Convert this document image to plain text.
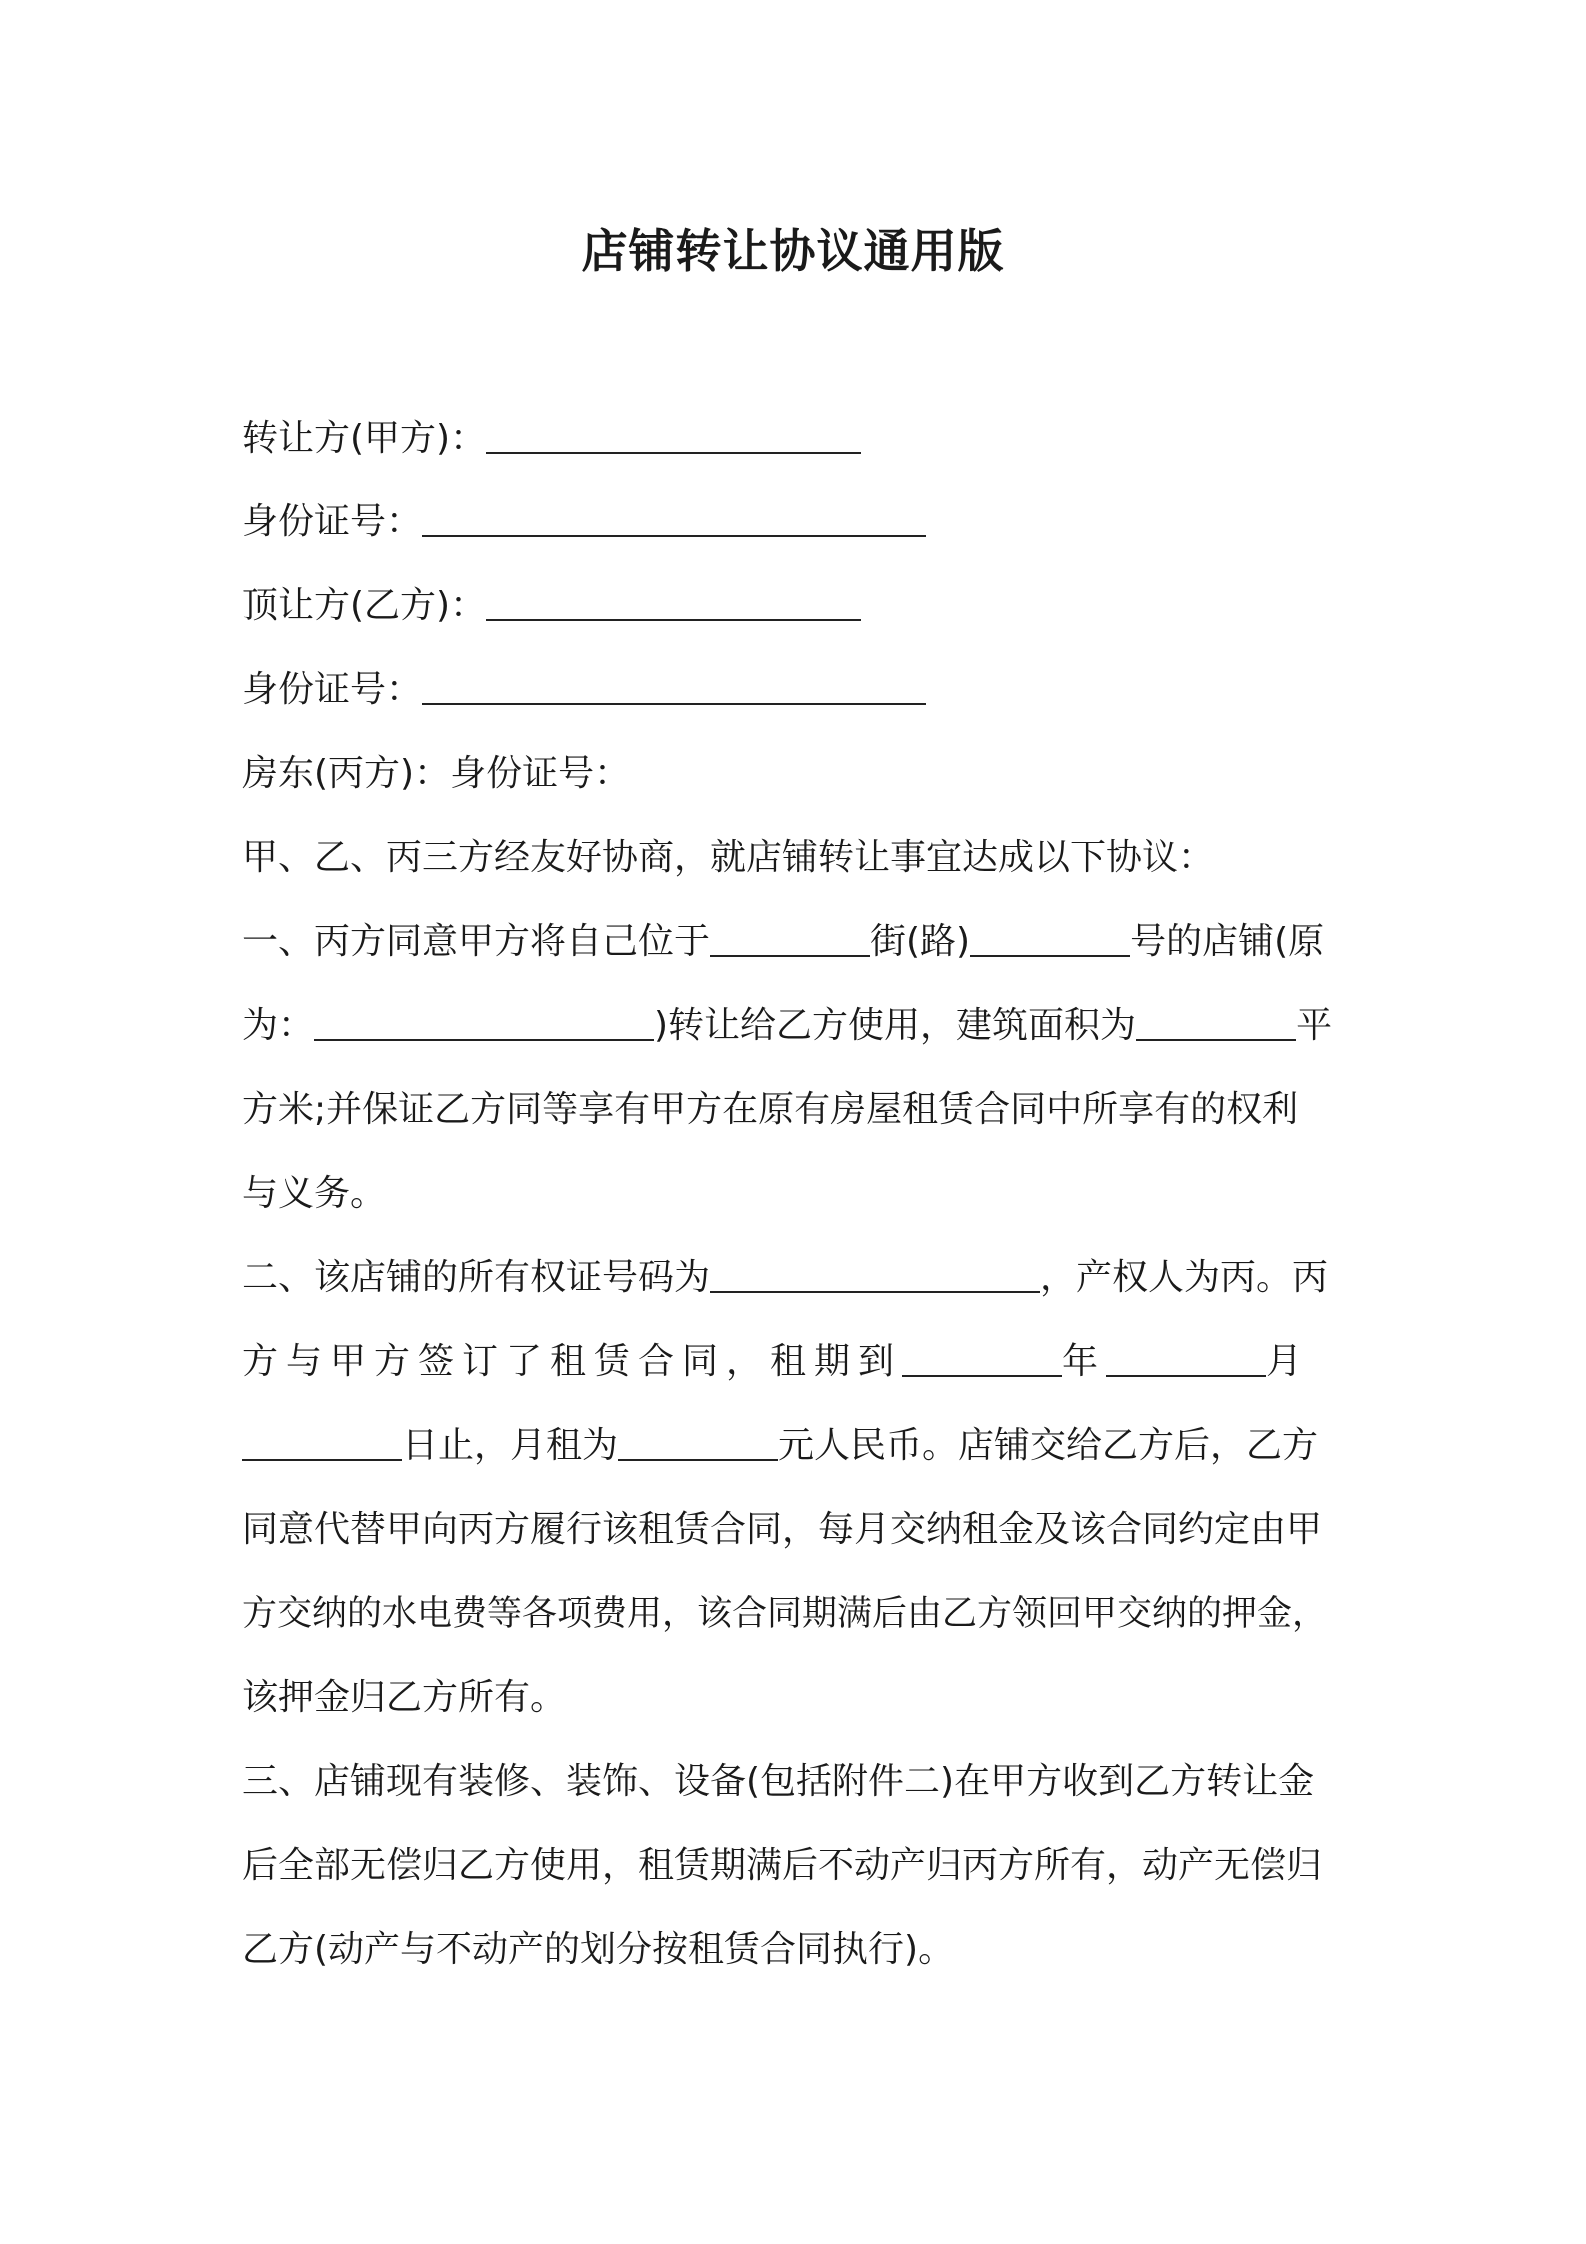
店铺转让协议通用版
转让方(甲方)：
身份证号：
顶让方(乙方)：
身份证号：
房东(丙方)：身份证号：
甲、乙、丙三方经友好协商，就店铺转让事宜达成以下协议：
一、丙方同意甲方将自己位于	街(路)	号的店铺(原
为：	)转让给乙方使用，建筑面积为	平
方米;并保证乙方同等享有甲方在原有房屋租赁合同中所享有的权利
与义务。
二、该店铺的所有权证号码为	，产权人为丙。丙
方与甲方签订了租赁合同，租期到	年	月
日止，月租为	元人民币。店铺交给乙方后，乙方
同意代替甲向丙方履行该租赁合同，每月交纳租金及该合同约定由甲
方交纳的水电费等各项费用，该合同期满后由乙方领回甲交纳的押金，
该押金归乙方所有。
三、店铺现有装修、装饰、设备(包括附件二)在甲方收到乙方转让金
后全部无偿归乙方使用，租赁期满后不动产归丙方所有，动产无偿归
乙方(动产与不动产的划分按租赁合同执行)。
